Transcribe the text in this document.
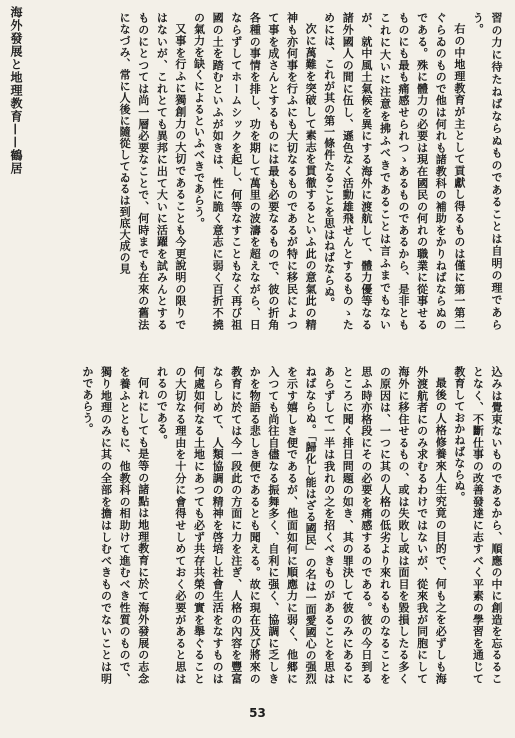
海外發展と地理教育——鶴居	習の力に待たねばならぬものであることは自明の理であらう。

右の中地理教育が主として貢獻し得るものは僅に第一第二ぐらゐのもので他は何れも諸教科の補助をかりねばならぬのである。殊に體力の必要は現在國民の何れの職業に從事せるものにも最も痛感せられつゝあるものであるから、是非ともこれに大いに注意を拂ふべきであることは言ふまでもないが、就中風土氣候を異にする海外に渡航して、體力優等なる諸外國人の間に伍し、遜色なく活動雄飛せんとするものゝためには、これが其の第一條件たることを思はねばならぬ。

次に萬難を突破して素志を貫徹するといふ此の意氣此の精神も亦何事を行ふにも大切なるものであるが特に移民によつて事を成さんとするものには最も必要なるもので、彼の折角各種の事情を排し、功を期して萬里の波濤を超えながら、日ならずしてホームシックを起し、何等なすこともなく再び祖國の土を踏むといふが如きは、性に脆く意志に弱く百折不撓の氣力を缺くによるといふべきであらう。

又事を行ふに獨創力の大切であることも今更說明の限りではないが、これとても異邦に出て大いに活躍を試みんとするものにとつては尚一層必要なことで、何時までも在來の舊法になづみ、常に人後に隨從してゐるは到底大成の見

込みは覺束ないものであるから、順應の中に創造を忘るることなく、不斷仕事の改善發達に志すべく平素の學習を通じて教育しておかねばならぬ。

最後の人格修養來人生究竟の目的で、何も之を必ずしも海外渡航者にのみ求むるわけではないが、從來我が同胞にして海外に移住せるもの、或は失敗し或は面目を毀損したる多くの原因は、一つに其の人格の低劣より來れるものなることを思ふ時亦格段にその必要を痛感するのである。彼の今日到るところに聞く排日問題の如き、其の罪決して彼のみにあるにあらずして一半は我れの之を招くべきものがあることを思はねばならぬ。「歸化し能はざる國民」の名は一面愛國心の强烈を示す嬉しき便であるが、他面如何に順應力に弱く、他郷に入つても尚往自儘なる振舞多く、自利に强く、協調に乏しきかを物語る悲しき便であるとも聞える。故に現在及び將來の教育に於ては今一段此の方面に力を注ぎ、人格の內容を豐富ならしめて、人類協調の精神を啓培し社會生活をなすものは何處如何なる土地にあつても必ず共存共榮の實を舉ぐることの大切なる理由を十分に會得せしめておく必要があると思はれるのである。

何れにしても是等の諸點は地理教育に於て海外發展の志念を養ふとともに、他教科の相助けて進むべき性質のもので、獨り地理のみに其の全部を擔はしむべきものでないことは明かであらう。

53
